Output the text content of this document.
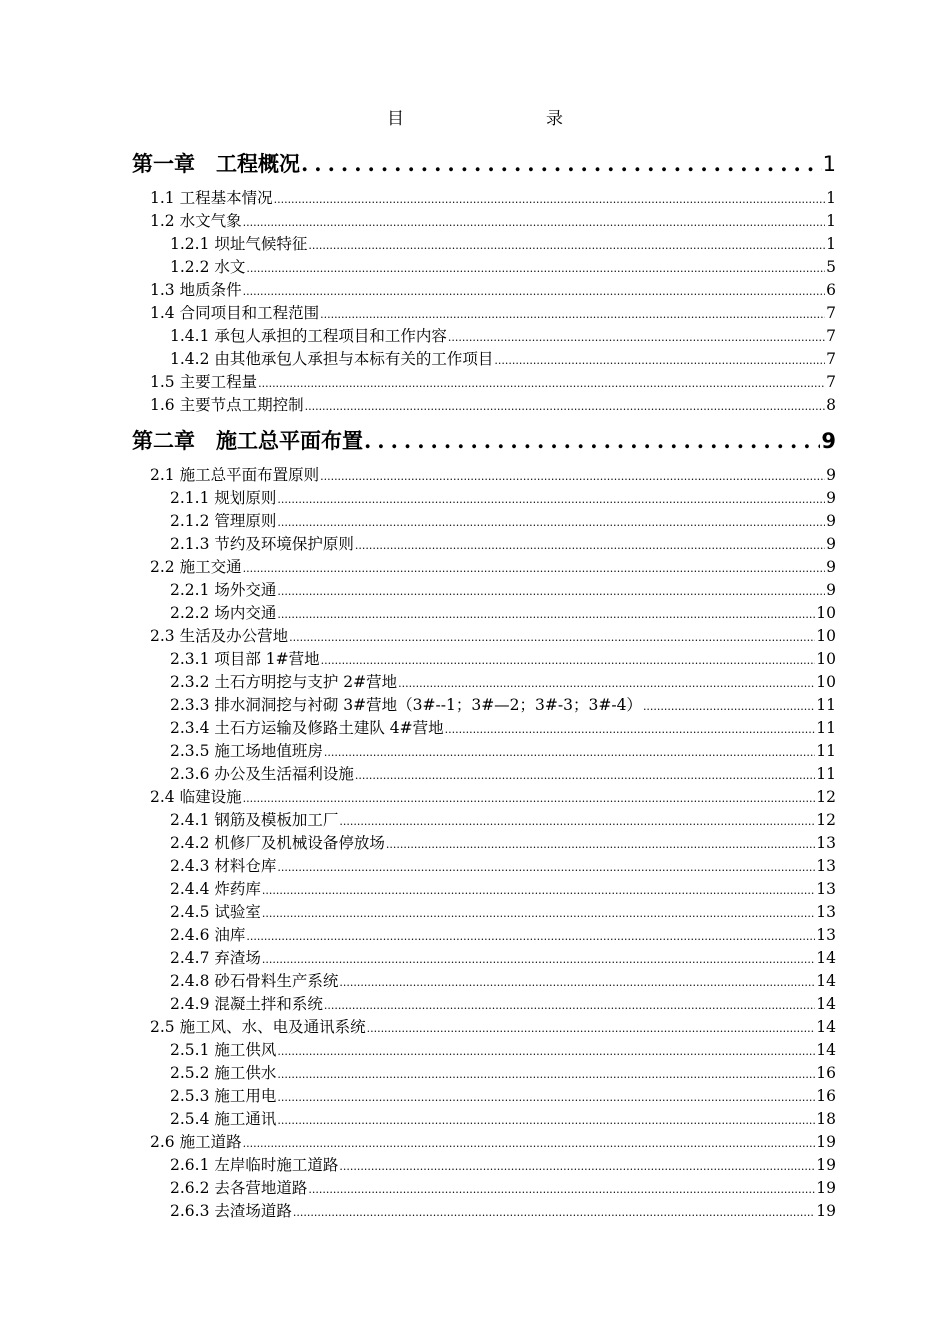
目　　录
第一章　工程概况 .....	1
1.1 工程基本情况 .....	1
1.2 水文气象 .....	1
1.2.1 坝址气候特征 .....	1
1.2.2 水文 .....	5
1.3 地质条件 .....	6
1.4 合同项目和工程范围 .....	7
1.4.1 承包人承担的工程项目和工作内容 .....	7
1.4.2 由其他承包人承担与本标有关的工作项目 .....	7
1.5 主要工程量 .....	7
1.6 主要节点工期控制 .....	8
第二章　施工总平面布置 .....	9
2.1 施工总平面布置原则 .....	9
2.1.1 规划原则 .....	9
2.1.2 管理原则 .....	9
2.1.3 节约及环境保护原则 .....	9
2.2 施工交通 .....	9
2.2.1 场外交通 .....	9
2.2.2 场内交通 .....	10
2.3 生活及办公营地 .....	10
2.3.1 项目部 1#营地 .....	10
2.3.2 土石方明挖与支护 2#营地 .....	10
2.3.3 排水洞洞挖与衬砌 3#营地（3#--1；3#—2；3#-3；3#-4） .....	11
2.3.4 土石方运输及修路土建队 4#营地 .....	11
2.3.5 施工场地值班房 .....	11
2.3.6 办公及生活福利设施 .....	11
2.4 临建设施 .....	12
2.4.1 钢筋及模板加工厂 .....	12
2.4.2 机修厂及机械设备停放场 .....	13
2.4.3 材料仓库 .....	13
2.4.4 炸药库 .....	13
2.4.5 试验室 .....	13
2.4.6 油库 .....	13
2.4.7 弃渣场 .....	14
2.4.8 砂石骨料生产系统 .....	14
2.4.9 混凝土拌和系统 .....	14
2.5 施工风、水、电及通讯系统 .....	14
2.5.1 施工供风 .....	14
2.5.2 施工供水 .....	16
2.5.3 施工用电 .....	16
2.5.4 施工通讯 .....	18
2.6 施工道路 .....	19
2.6.1 左岸临时施工道路 .....	19
2.6.2 去各营地道路 .....	19
2.6.3 去渣场道路 .....	19
